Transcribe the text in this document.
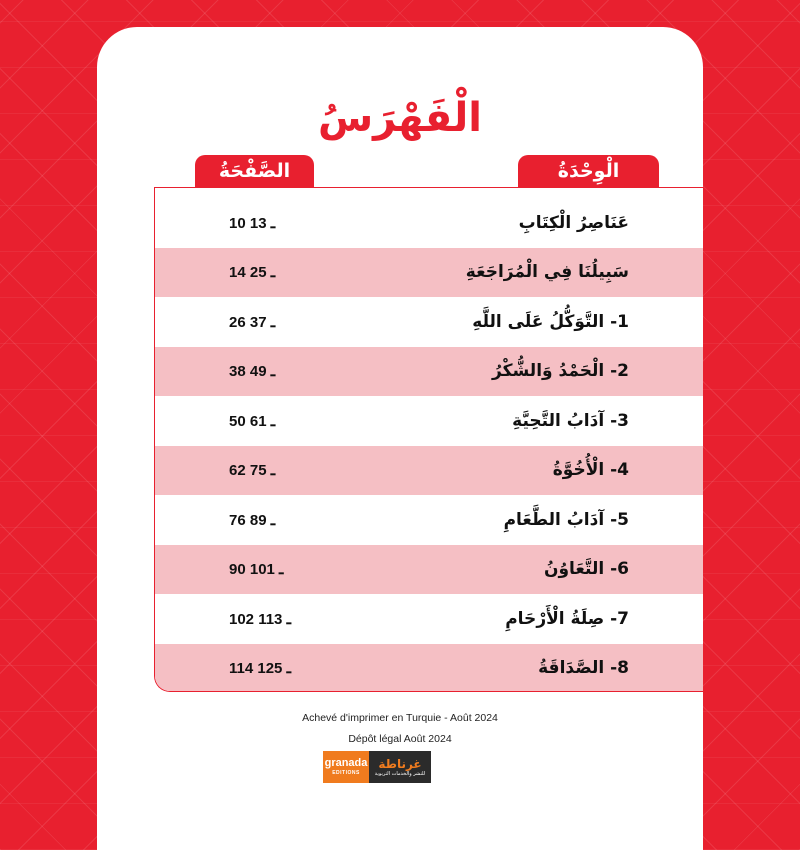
الْفَهْرَسُ
الْوِحْدَةُ
الصَّفْحَةُ
عَنَاصِرُ الْكِتَابِ
10 ـ 13
سَبِيلُنَا فِي الْمُرَاجَعَةِ
14 ـ 25
1- التَّوَكُّلُ عَلَى اللَّهِ
26 ـ 37
2- الْحَمْدُ وَالشُّكْرُ
38 ـ 49
3- آدَابُ التَّحِيَّةِ
50 ـ 61
4- الْأُخُوَّةُ
62 ـ 75
5- آدَابُ الطَّعَامِ
76 ـ 89
6- التَّعَاوُنُ
90 ـ 101
7- صِلَةُ الْأَرْحَامِ
102 ـ 113
8- الصَّدَاقَةُ
114 ـ 125
Achevé d'imprimer en Turquie - Août 2024
Dépôt légal Août 2024
granada
EDITIONS
غرناطة
للنشر والخدمات التربوية
